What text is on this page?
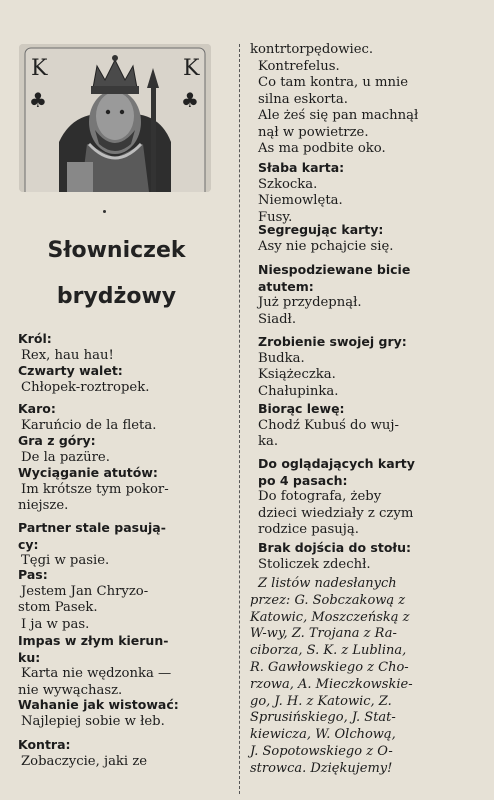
K
♣
K
♣
Słowniczek
brydżowy
Król:
Rex, hau hau!
Czwarty walet:
Chłopek-roztropek.
Karo:
Karuńcio de la fleta.
Gra z góry:
De la pazüre.
Wyciąganie atutów:
Im krótsze tym pokor-
niejsze.
Partner stale pasują-
cy:
Tęgi w pasie.
Pas:
Jestem Jan Chryzo-
stom Pasek.
I ja w pas.
Impas w złym kierun-
ku:
Karta nie wędzonka —
nie wywąchasz.
Wahanie jak wistować:
Najlepiej sobie w łeb.
Kontra:
Zobaczycie, jaki ze
kontrtorpędowiec.
Kontrefelus.
Co tam kontra, u mnie
silna eskorta.
Ale żeś się pan machnął
nął w powietrze.
As ma podbite oko.
Słaba karta:
Szkocka.
Niemowlęta.
Fusy.
Segregując karty:
Asy nie pchajcie się.
Niespodziewane bicie
atutem:
Już przydepnął.
Siadł.
Zrobienie swojej gry:
Budka.
Książeczka.
Chałupinka.
Biorąc lewę:
Chodź Kubuś do wuj-
ka.
Do oglądających karty
po 4 pasach:
Do fotografa, żeby
dzieci wiedziały z czym
rodzice pasują.
Brak dojścia do stołu:
Stoliczek zdechł.
Z listów nadesłanych
przez: G. Sobczakową z
Katowic, Moszczeńską z
W-wy, Z. Trojana z Ra-
ciborza, S. K. z Lublina,
R. Gawłowskiego z Cho-
rzowa, A. Mieczkowskie-
go, J. H. z Katowic, Z.
Sprusińskiego, J. Stat-
kiewicza, W. Olchową,
J. Sopotowskiego z O-
strowca. Dziękujemy!
